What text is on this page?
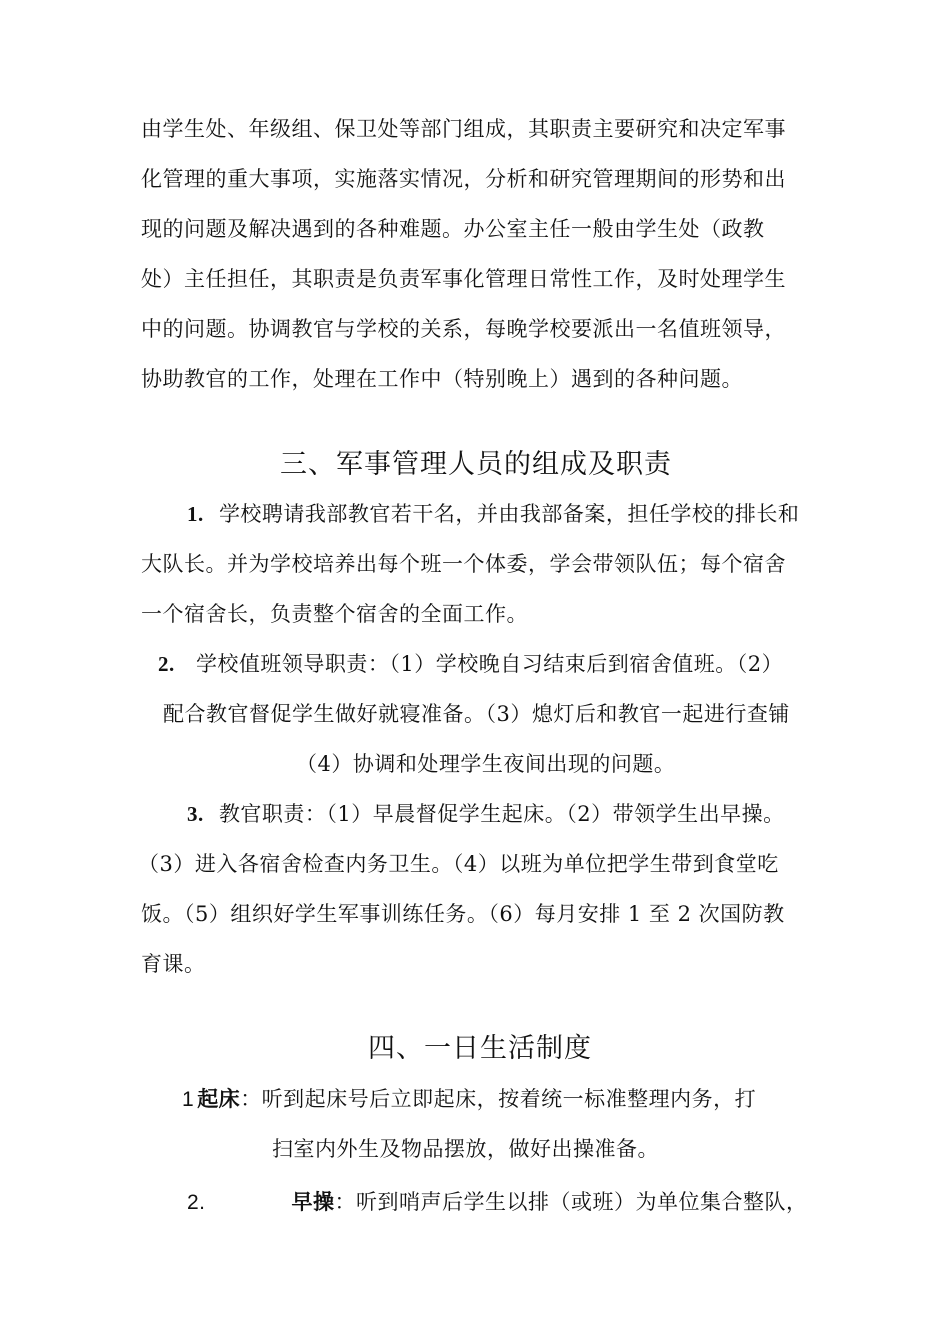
由学生处、年级组、保卫处等部门组成，其职责主要研究和决定军事
化管理的重大事项，实施落实情况，分析和研究管理期间的形势和出
现的问题及解决遇到的各种难题。办公室主任一般由学生处（政教
处）主任担任，其职责是负责军事化管理日常性工作，及时处理学生
中的问题。协调教官与学校的关系，每晚学校要派出一名值班领导，
协助教官的工作，处理在工作中（特别晚上）遇到的各种问题。
三、军事管理人员的组成及职责
1. 学校聘请我部教官若干名，并由我部备案，担任学校的排长和
大队长。并为学校培养出每个班一个体委，学会带领队伍；每个宿舍
一个宿舍长，负责整个宿舍的全面工作。
2. 学校值班领导职责：（1）学校晚自习结束后到宿舍值班。（2）
配合教官督促学生做好就寝准备。（3）熄灯后和教官一起进行查铺
（4）协调和处理学生夜间出现的问题。
3. 教官职责：（1）早晨督促学生起床。（2）带领学生出早操。
（3）进入各宿舍检查内务卫生。（4）以班为单位把学生带到食堂吃
饭。（5）组织好学生军事训练任务。（6）每月安排 1 至 2 次国防教
育课。
四、一日生活制度
1 起床：听到起床号后立即起床，按着统一标准整理内务，打
扫室内外生及物品摆放，做好出操准备。
2.	早操：听到哨声后学生以排（或班）为单位集合整队，
